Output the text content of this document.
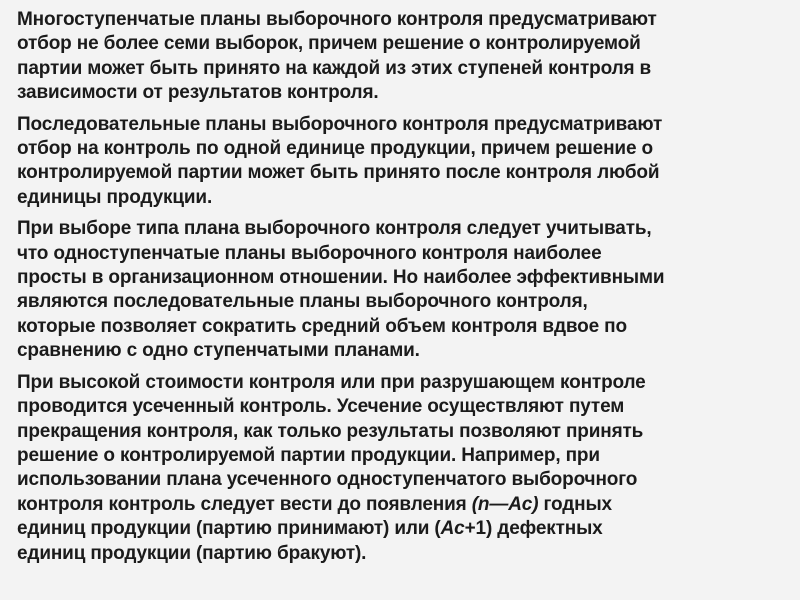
Многоступенчатые планы выборочного контроля предусматривают
отбор не более семи выборок, причем решение о контролируемой
партии может быть принято на каждой из этих ступеней контроля в
зависимости от результатов контроля.

Последовательные планы выборочного контроля предусматривают
отбор на контроль по одной единице продукции, причем решение о
контролируемой партии может быть принято после контроля любой
единицы продукции.

При выборе типа плана выборочного контроля следует учитывать,
что одноступенчатые планы выборочного контроля наиболее
просты в организационном отношении. Но наиболее эффективными
являются последовательные планы выборочного контроля,
которые позволяет сократить средний объем контроля вдвое по
сравнению с одно ступенчатыми планами.

При высокой стоимости контроля или при разрушающем контроле
проводится усеченный контроль. Усечение осуществляют путем
прекращения контроля, как только результаты позволяют принять
решение о контролируемой партии продукции. Например, при
использовании плана усеченного одноступенчатого выборочного
контроля контроль следует вести до появления (n—Ac) годных
единиц продукции (партию принимают) или (Ac+1) дефектных
единиц продукции (партию бракуют).
